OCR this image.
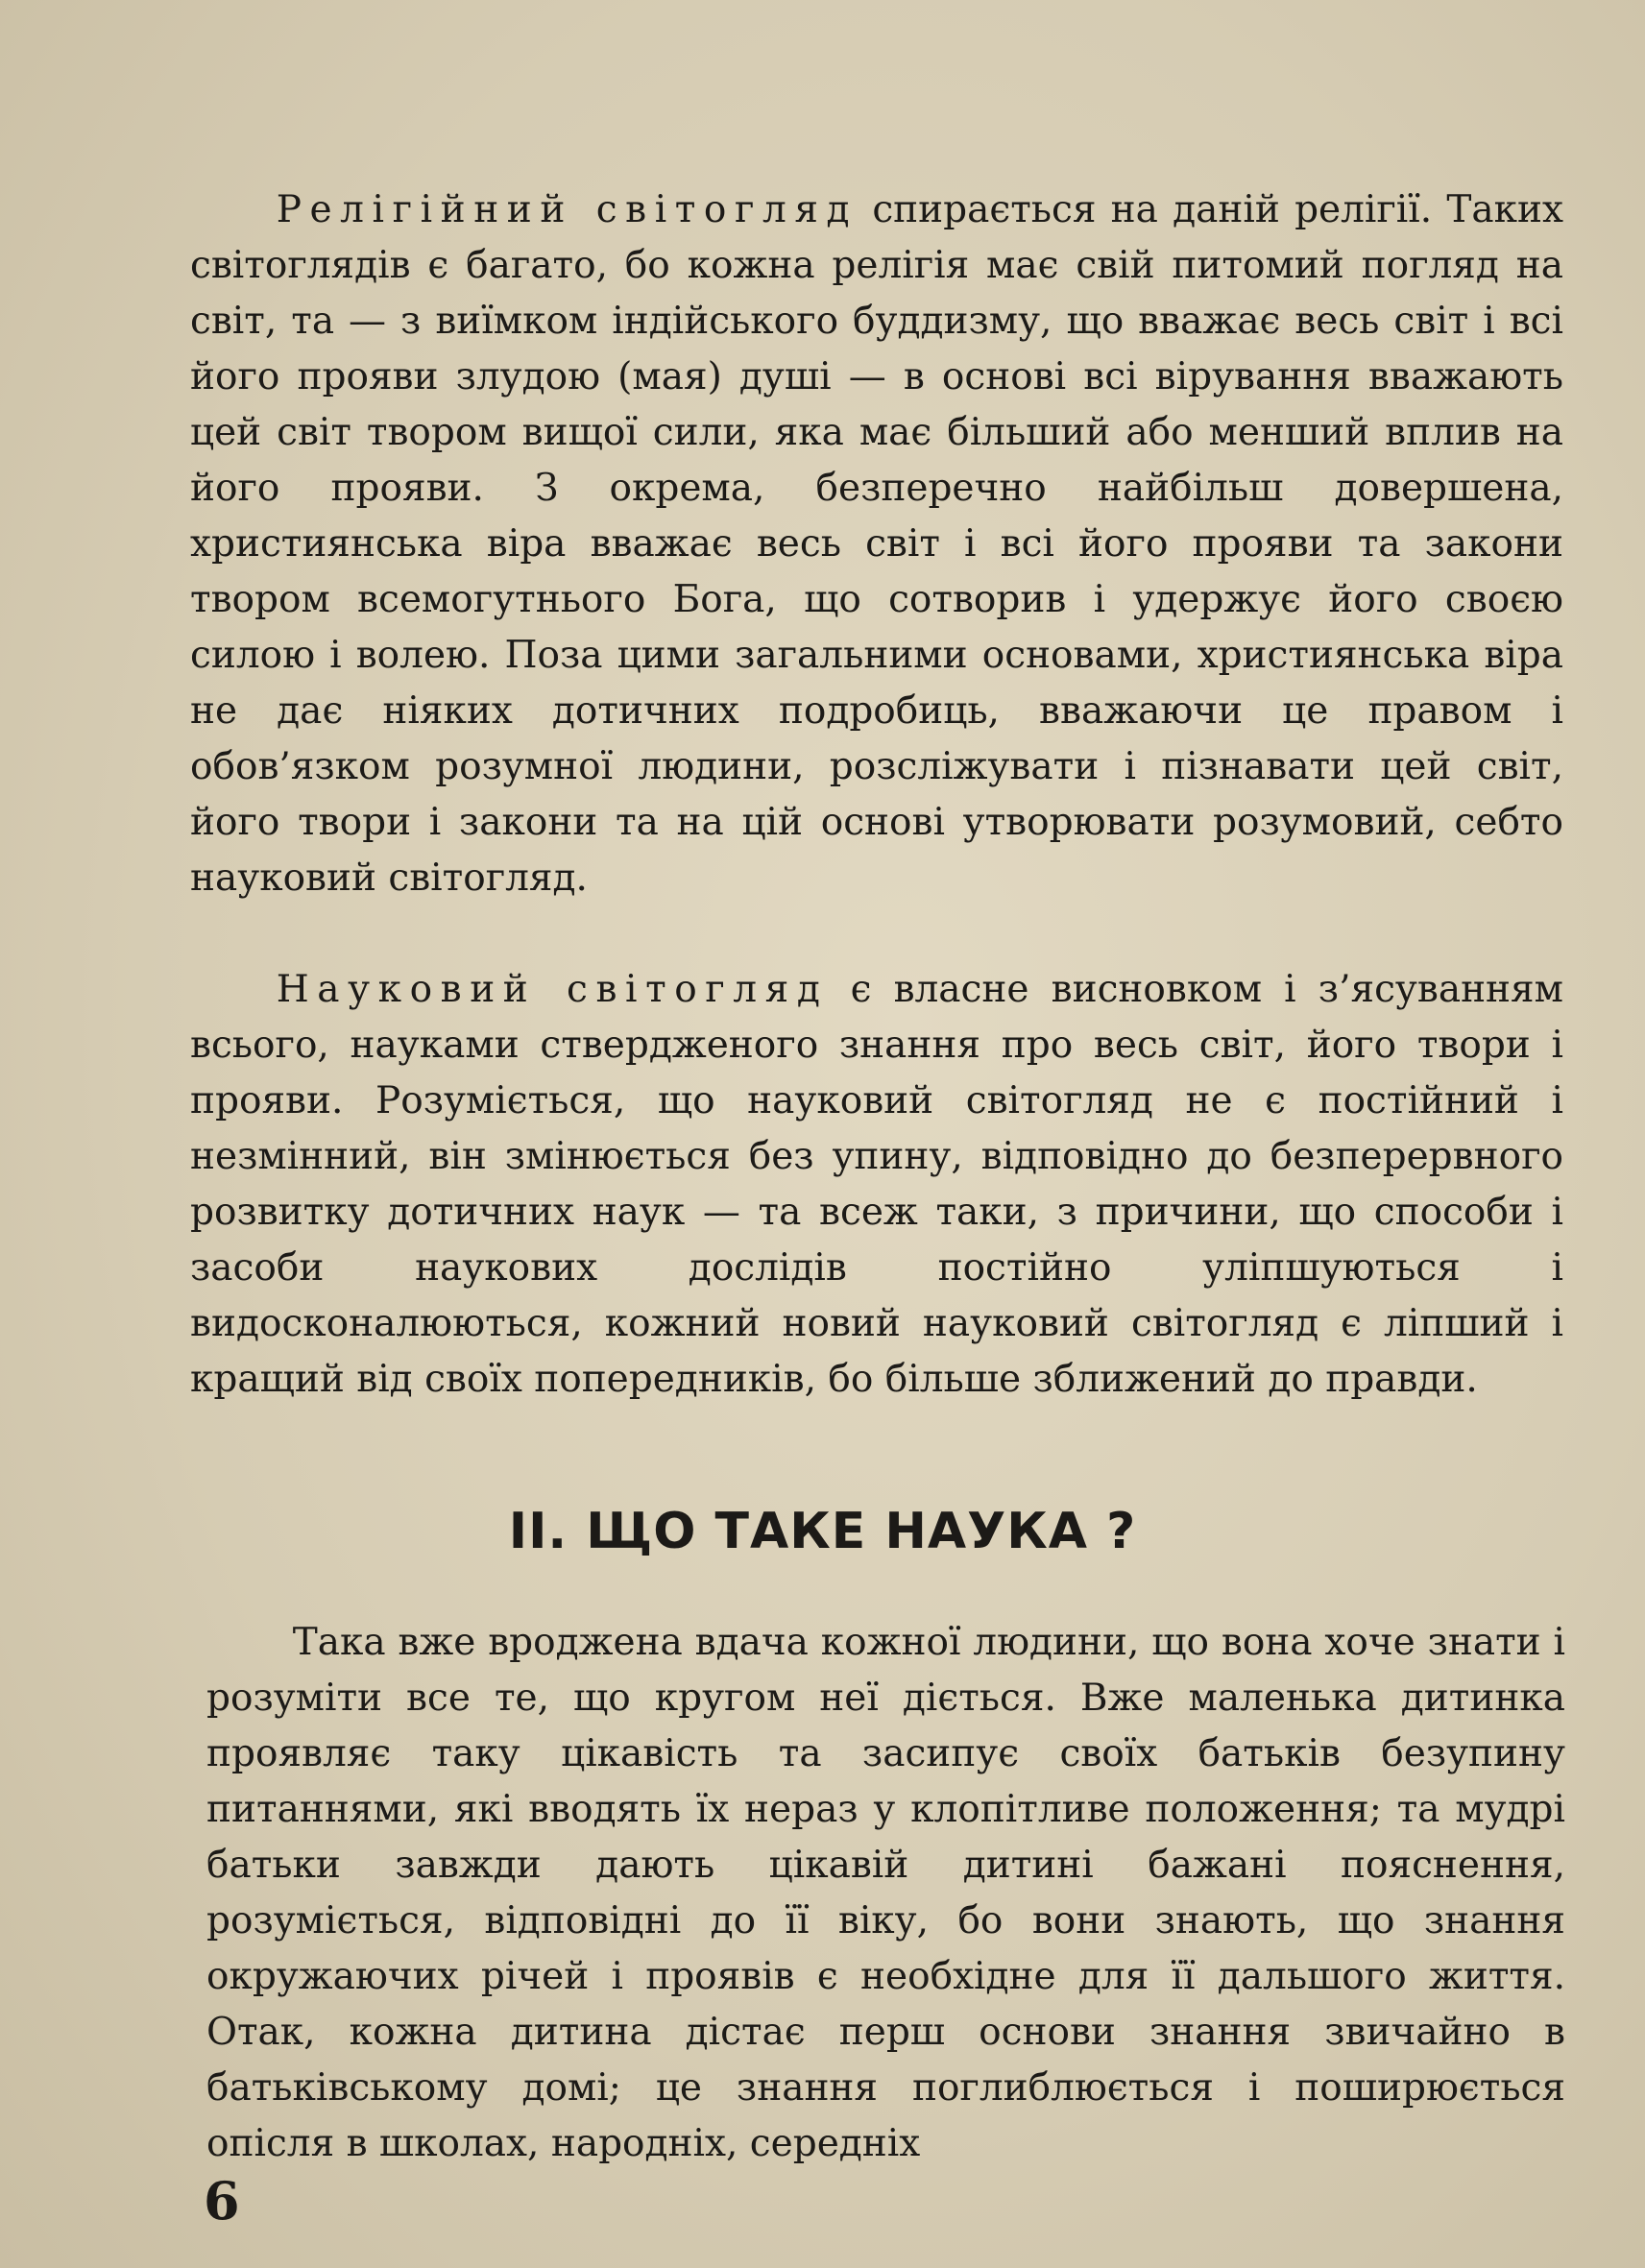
Релігійний світогляд спирається на даній релігії. Таких світоглядів є багато, бо кожна релігія має свій питомий погляд на світ, та — з виїмком індійського буддизму, що вважає весь світ і всі його прояви злудою (мая) душі — в основі всі вірування вважають цей світ твором вищої сили, яка має більший або менший вплив на його прояви. З окрема, безперечно найбільш довершена, християнська віра вважає весь світ і всі його прояви та закони твором всемогутнього Бога, що сотворив і удержує його своєю силою і волею. Поза цими загальними основами, християнська віра не дає ніяких дотичних подробиць, вважаючи це правом і обов’язком розумної людини, розсліжувати і пізнавати цей світ, його твори і закони та на цій основі утворювати розумовий, себто науковий світогляд.

Науковий світогляд є власне висновком і з’ясуванням всього, науками ствердженого знання про весь світ, його твори і прояви. Розуміється, що науковий світогляд не є постійний і незмінний, він змінюється без упину, відповідно до безперервного розвитку дотичних наук — та всеж таки, з причини, що способи і засоби наукових дослідів постійно уліпшуються і видосконалюються, кожний новий науковий світогляд є ліпший і кращий від своїх попередників, бо більше зближений до правди.

II. ЩО ТАКЕ НАУКА ?

Така вже вроджена вдача кожної людини, що вона хоче знати і розуміти все те, що кругом неї діється. Вже маленька дитинка проявляє таку цікавість та засипує своїх батьків безупину питаннями, які вводять їх нераз у клопітливе положення; та мудрі батьки завжди дають цікавій дитині бажані пояснення, розуміється, відповідні до її віку, бо вони знають, що знання окружаючих річей і проявів є необхідне для її дальшого життя. Отак, кожна дитина дістає перш основи знання звичайно в батьківському домі; це знання поглиблюється і поширюється опісля в школах, народніх, середніх

6
